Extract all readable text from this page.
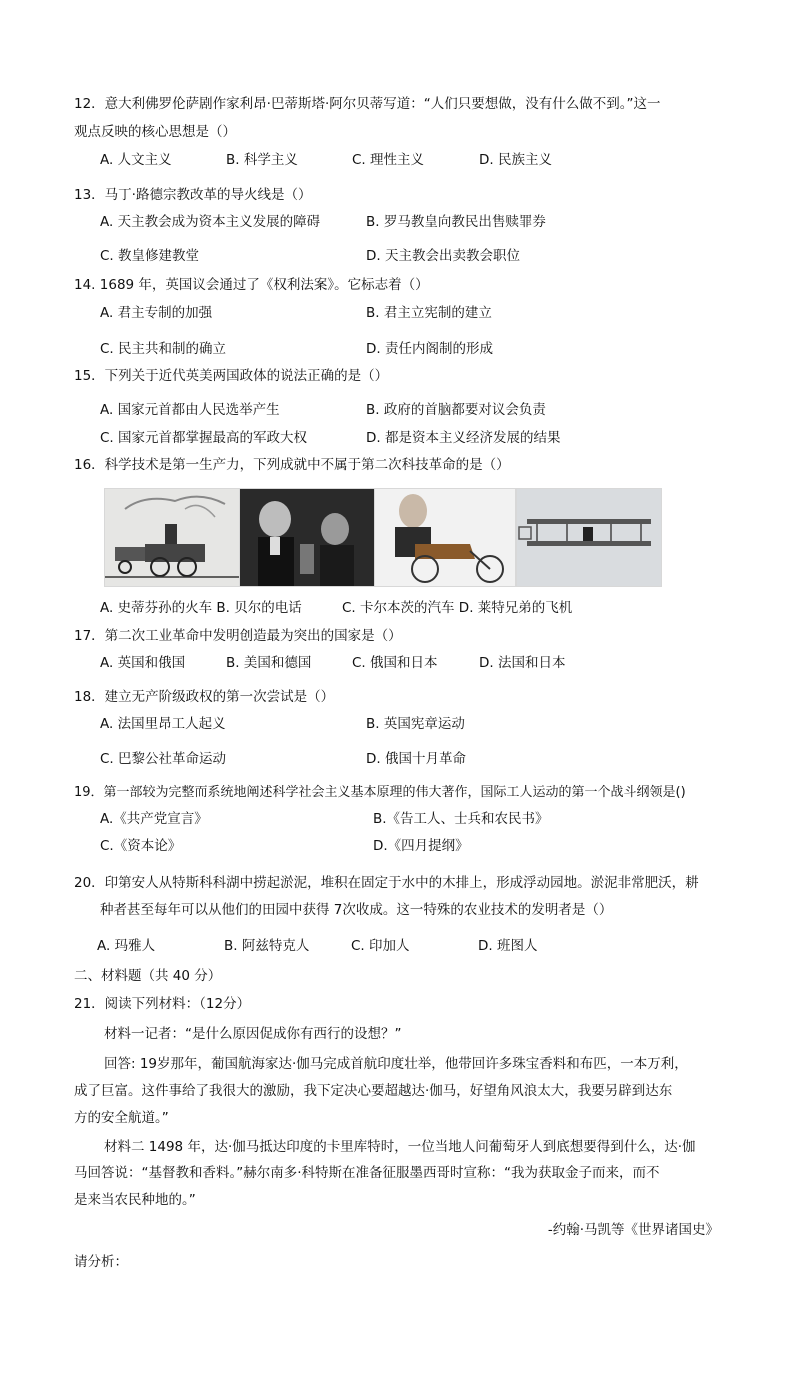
12．意大利佛罗伦萨剧作家利昂·巴蒂斯塔·阿尔贝蒂写道：“人们只要想做，没有什么做不到。”这一
观点反映的核心思想是（）
A. 人文主义	B. 科学主义	C. 理性主义	D. 民族主义
13．马丁·路德宗教改革的导火线是（）
A. 天主教会成为资本主义发展的障碍	B. 罗马教皇向教民出售赎罪券
C. 教皇修建教堂	D. 天主教会出卖教会职位
14. 1689 年，英国议会通过了《权利法案》。它标志着（）
A. 君主专制的加强	B. 君主立宪制的建立
C. 民主共和制的确立	D. 责任内阁制的形成
15．下列关于近代英美两国政体的说法正确的是（）
A. 国家元首都由人民选举产生	B. 政府的首脑都要对议会负责
C. 国家元首都掌握最高的军政大权	D. 都是资本主义经济发展的结果
16．科学技术是第一生产力，下列成就中不属于第二次科技革命的是（）
A. 史蒂芬孙的火车 B. 贝尔的电话	C. 卡尔本茨的汽车 D. 莱特兄弟的飞机
17．第二次工业革命中发明创造最为突出的国家是（）
A. 英国和俄国	B. 美国和德国	C. 俄国和日本	D. 法国和日本
18．建立无产阶级政权的第一次尝试是（）
A. 法国里昂工人起义	B. 英国宪章运动
C. 巴黎公社革命运动	D. 俄国十月革命
19．第一部较为完整而系统地阐述科学社会主义基本原理的伟大著作，国际工人运动的第一个战斗纲领是()
A.《共产党宣言》	B.《告工人、士兵和农民书》
C.《资本论》	D.《四月提纲》
20．印第安人从特斯科科湖中捞起淤泥，堆积在固定于水中的木排上，形成浮动园地。淤泥非常肥沃，耕
种者甚至每年可以从他们的田园中获得 7次收成。这一特殊的农业技术的发明者是（）
A. 玛雅人	B. 阿兹特克人	C. 印加人	D. 班图人
二、材料题（共 40 分）
21．阅读下列材料：（12分）
材料一记者：“是什么原因促成你有西行的设想？”
回答: 19岁那年，葡国航海家达·伽马完成首航印度壮举，他带回许多珠宝香料和布匹，一本万利，
成了巨富。这件事给了我很大的激励，我下定决心要超越达·伽马，好望角风浪太大，我要另辟到达东
方的安全航道。”
材料二 1498 年，达·伽马抵达印度的卡里库特时，一位当地人问葡萄牙人到底想要得到什么，达·伽
马回答说：“基督教和香料。”赫尔南多·科特斯在准备征服墨西哥时宣称：“我为获取金子而来，而不
是来当农民种地的。”
-约翰·马凯等《世界诸国史》
请分析：
